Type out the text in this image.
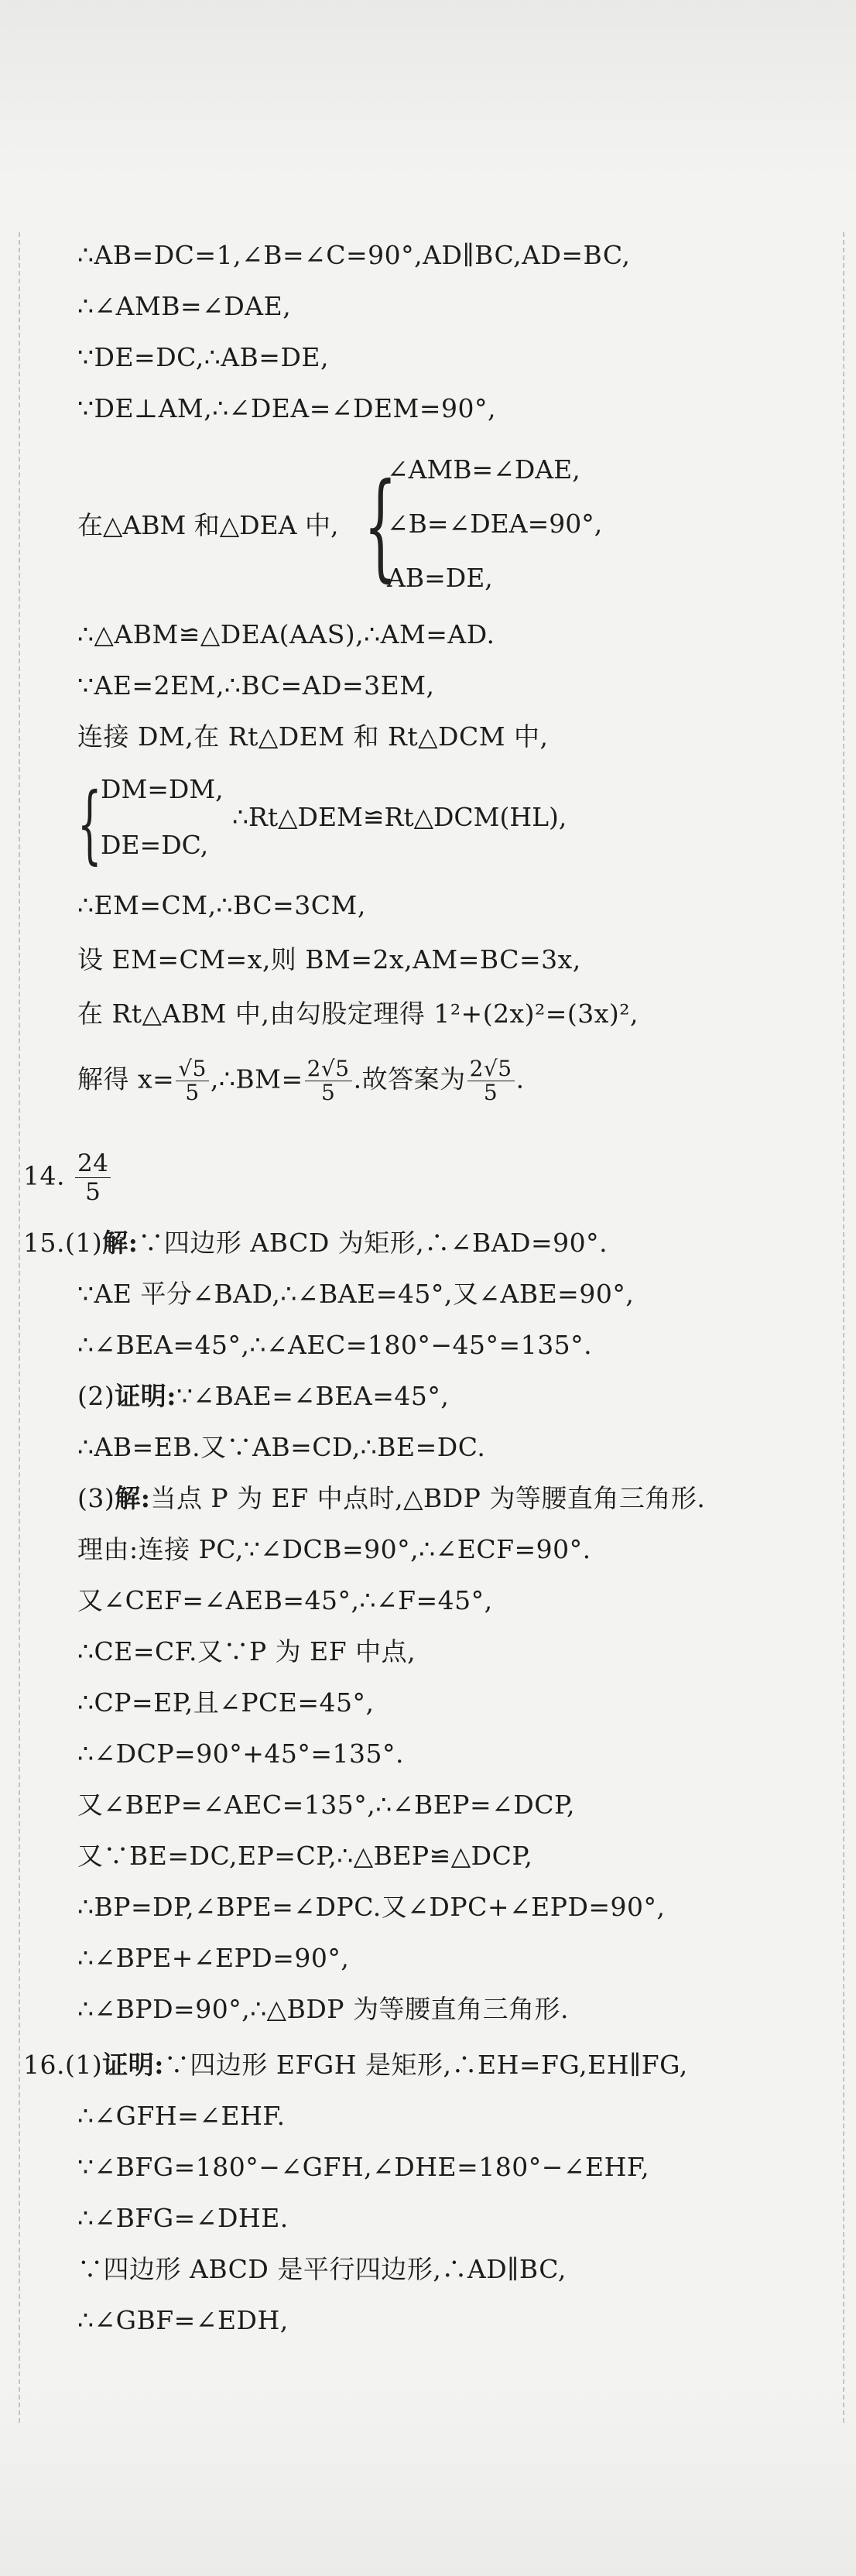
∴AB=DC=1,∠B=∠C=90°,AD∥BC,AD=BC,
∴∠AMB=∠DAE,
∵DE=DC,∴AB=DE,
∵DE⊥AM,∴∠DEA=∠DEM=90°,
在△ABM 和△DEA 中, {
∠AMB=∠DAE,
∠B=∠DEA=90°,
AB=DE,
∴△ABM≌△DEA(AAS),∴AM=AD.
∵AE=2EM,∴BC=AD=3EM,
连接 DM,在 Rt△DEM 和 Rt△DCM 中,
{
DM=DM,
DE=DC,
∴Rt△DEM≌Rt△DCM(HL),
∴EM=CM,∴BC=3CM,
设 EM=CM=x,则 BM=2x,AM=BC=3x,
在 Rt△ABM 中,由勾股定理得 1²+(2x)²=(3x)²,
解得 $x= \frac{√5}{5}$ ,∴BM= $\frac{2√5}{5}$ .故答案为 $\frac{2√5}{5}$ .
14. $\frac{24}{5}$
15.(1)解:∵四边形 ABCD 为矩形,∴∠BAD=90°.
∵AE 平分∠BAD,∴∠BAE=45°,又∠ABE=90°,
∴∠BEA=45°,∴∠AEC=180°−45°=135°.
(2)证明:∵∠BAE=∠BEA=45°,
∴AB=EB.又∵AB=CD,∴BE=DC.
(3)解:当点 P 为 EF 中点时,△BDP 为等腰直角三角形.
理由:连接 PC,∵∠DCB=90°,∴∠ECF=90°.
又∠CEF=∠AEB=45°,∴∠F=45°,
∴CE=CF.又∵P 为 EF 中点,
∴CP=EP,且∠PCE=45°,
∴∠DCP=90°+45°=135°.
又∠BEP=∠AEC=135°,∴∠BEP=∠DCP,
又∵BE=DC,EP=CP,∴△BEP≌△DCP,
∴BP=DP,∠BPE=∠DPC.又∠DPC+∠EPD=90°,
∴∠BPE+∠EPD=90°,
∴∠BPD=90°,∴△BDP 为等腰直角三角形.
16.(1)证明:∵四边形 EFGH 是矩形,∴EH=FG,EH∥FG,
∴∠GFH=∠EHF.
∵∠BFG=180°−∠GFH,∠DHE=180°−∠EHF,
∴∠BFG=∠DHE.
∵四边形 ABCD 是平行四边形,∴AD∥BC,
∴∠GBF=∠EDH,
